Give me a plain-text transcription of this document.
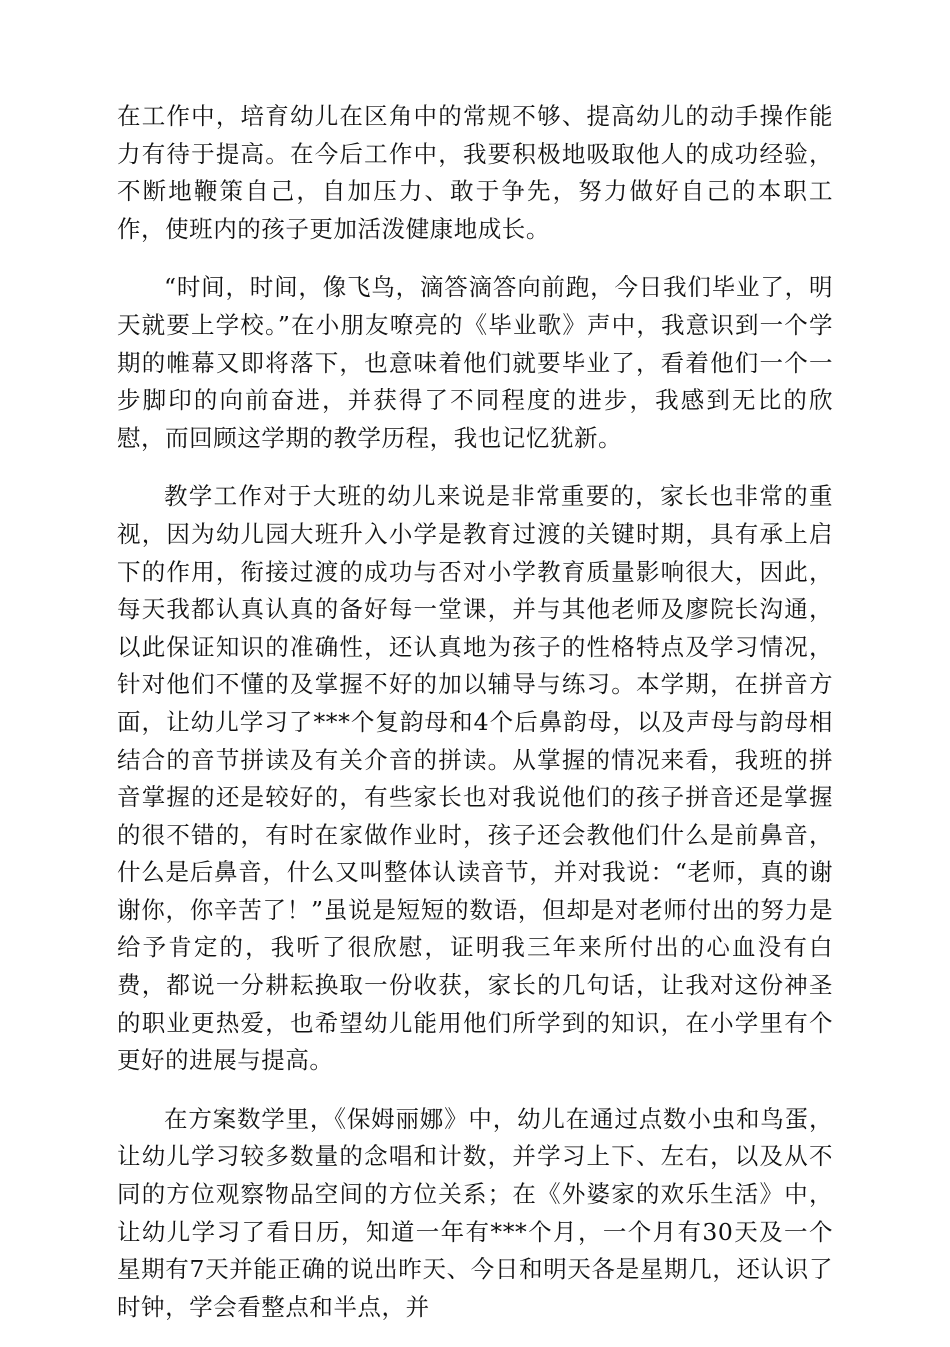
在工作中，培育幼儿在区角中的常规不够、提高幼儿的动手操作能力有待于提高。在今后工作中，我要积极地吸取他人的成功经验，不断地鞭策自己，自加压力、敢于争先，努力做好自己的本职工作，使班内的孩子更加活泼健康地成长。

“时间，时间，像飞鸟，滴答滴答向前跑，今日我们毕业了，明天就要上学校。”在小朋友嘹亮的《毕业歌》声中，我意识到一个学期的帷幕又即将落下，也意味着他们就要毕业了，看着他们一个一步脚印的向前奋进，并获得了不同程度的进步，我感到无比的欣慰，而回顾这学期的教学历程，我也记忆犹新。

教学工作对于大班的幼儿来说是非常重要的，家长也非常的重视，因为幼儿园大班升入小学是教育过渡的关键时期，具有承上启下的作用，衔接过渡的成功与否对小学教育质量影响很大，因此，每天我都认真认真的备好每一堂课，并与其他老师及廖院长沟通，以此保证知识的准确性，还认真地为孩子的性格特点及学习情况，针对他们不懂的及掌握不好的加以辅导与练习。本学期，在拼音方面，让幼儿学习了***个复韵母和4个后鼻韵母，以及声母与韵母相结合的音节拼读及有关介音的拼读。从掌握的情况来看，我班的拼音掌握的还是较好的，有些家长也对我说他们的孩子拼音还是掌握的很不错的，有时在家做作业时，孩子还会教他们什么是前鼻音，什么是后鼻音，什么又叫整体认读音节，并对我说：“老师，真的谢谢你，你辛苦了！”虽说是短短的数语，但却是对老师付出的努力是给予肯定的，我听了很欣慰，证明我三年来所付出的心血没有白费，都说一分耕耘换取一份收获，家长的几句话，让我对这份神圣的职业更热爱，也希望幼儿能用他们所学到的知识，在小学里有个更好的进展与提高。

在方案数学里，《保姆丽娜》中，幼儿在通过点数小虫和鸟蛋，让幼儿学习较多数量的念唱和计数，并学习上下、左右，以及从不同的方位观察物品空间的方位关系；在《外婆家的欢乐生活》中，让幼儿学习了看日历，知道一年有***个月，一个月有30天及一个星期有7天并能正确的说出昨天、今日和明天各是星期几，还认识了时钟，学会看整点和半点，并
